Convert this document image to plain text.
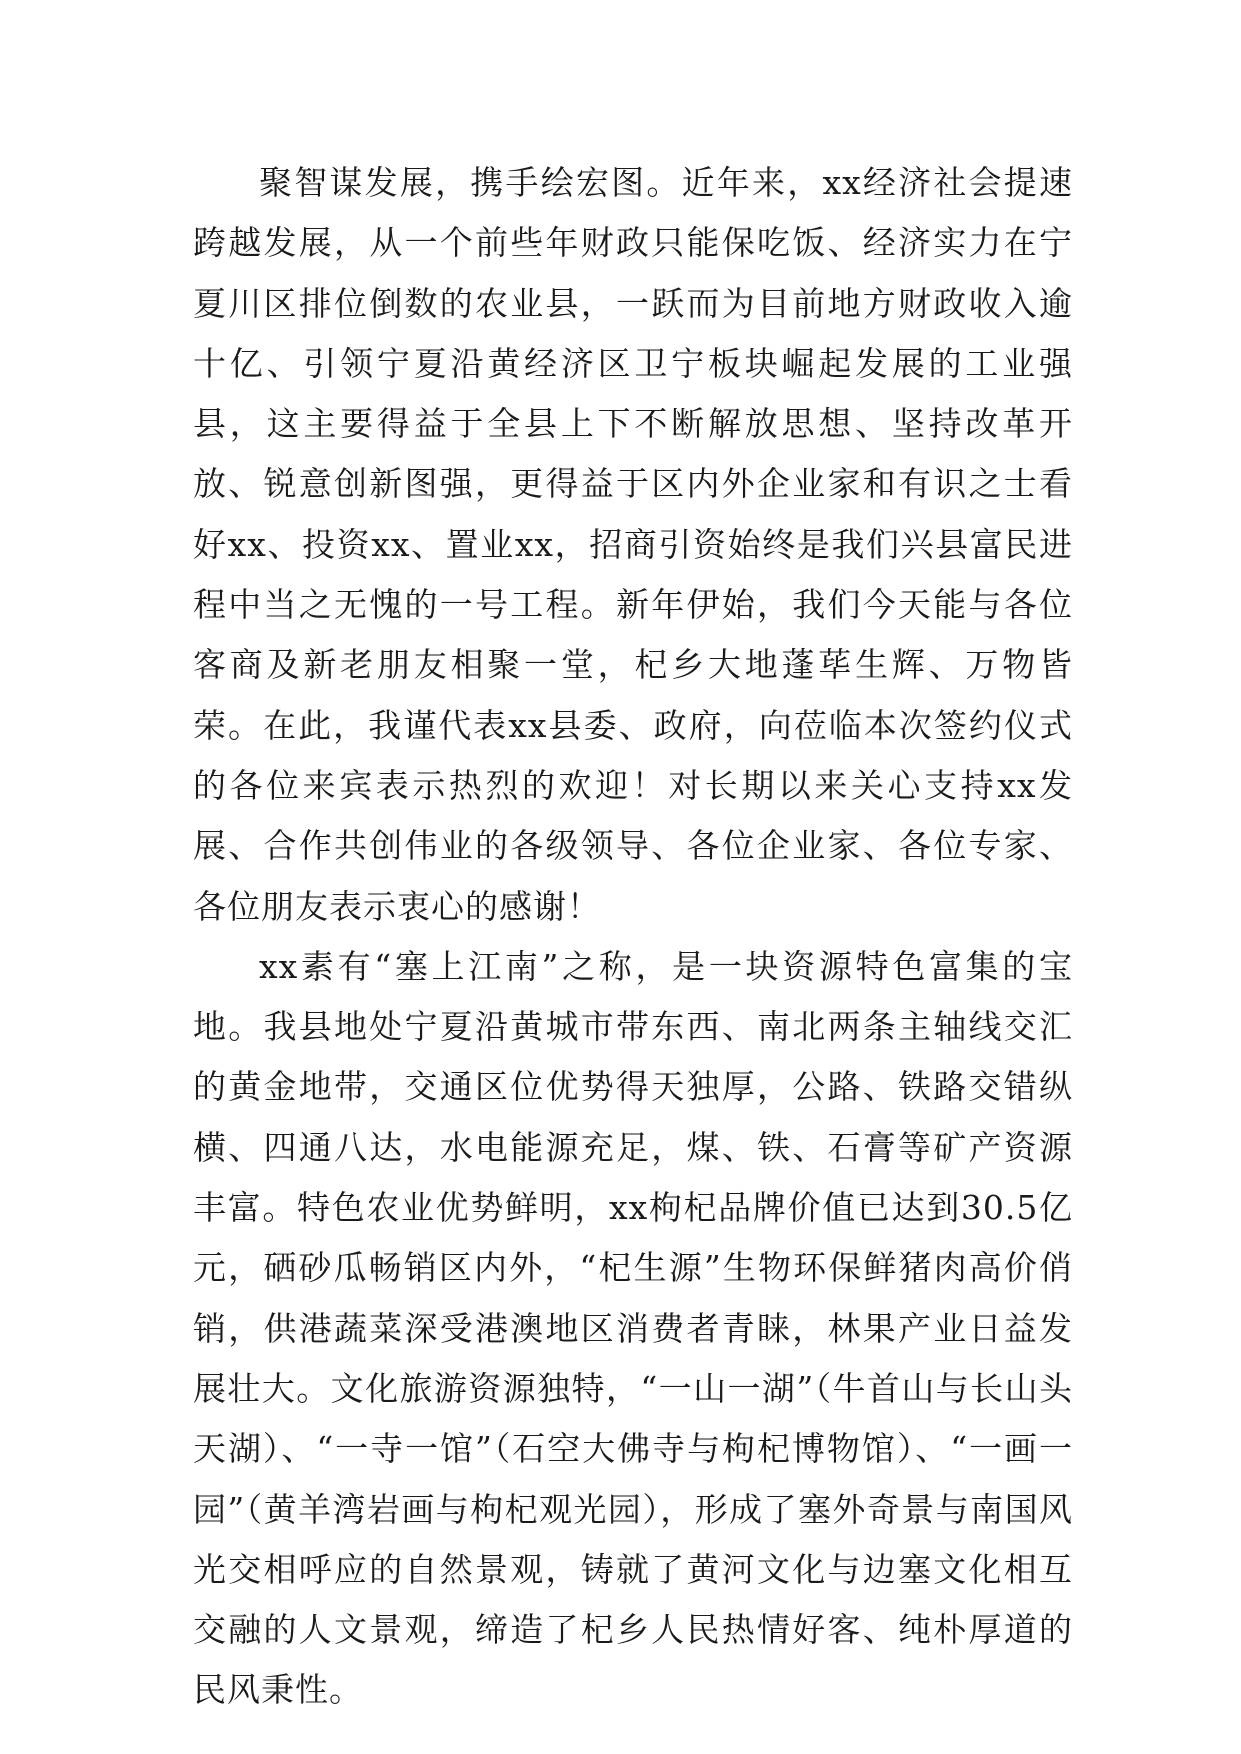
聚智谋发展，携手绘宏图。近年来，xx经济社会提速跨越发展，从一个前些年财政只能保吃饭、经济实力在宁夏川区排位倒数的农业县，一跃而为目前地方财政收入逾十亿、引领宁夏沿黄经济区卫宁板块崛起发展的工业强县，这主要得益于全县上下不断解放思想、坚持改革开放、锐意创新图强，更得益于区内外企业家和有识之士看好xx、投资xx、置业xx，招商引资始终是我们兴县富民进程中当之无愧的一号工程。新年伊始，我们今天能与各位客商及新老朋友相聚一堂，杞乡大地蓬荜生辉、万物皆荣。在此，我谨代表xx县委、政府，向莅临本次签约仪式的各位来宾表示热烈的欢迎！对长期以来关心支持xx发展、合作共创伟业的各级领导、各位企业家、各位专家、各位朋友表示衷心的感谢！

xx素有“塞上江南”之称，是一块资源特色富集的宝地。我县地处宁夏沿黄城市带东西、南北两条主轴线交汇的黄金地带，交通区位优势得天独厚，公路、铁路交错纵横、四通八达，水电能源充足，煤、铁、石膏等矿产资源丰富。特色农业优势鲜明，xx枸杞品牌价值已达到30.5亿元，硒砂瓜畅销区内外，“杞生源”生物环保鲜猪肉高价俏销，供港蔬菜深受港澳地区消费者青睐，林果产业日益发展壮大。文化旅游资源独特，“一山一湖”（牛首山与长山头天湖）、“一寺一馆”（石空大佛寺与枸杞博物馆）、“一画一园”（黄羊湾岩画与枸杞观光园），形成了塞外奇景与南国风光交相呼应的自然景观，铸就了黄河文化与边塞文化相互交融的人文景观，缔造了杞乡人民热情好客、纯朴厚道的民风秉性。
